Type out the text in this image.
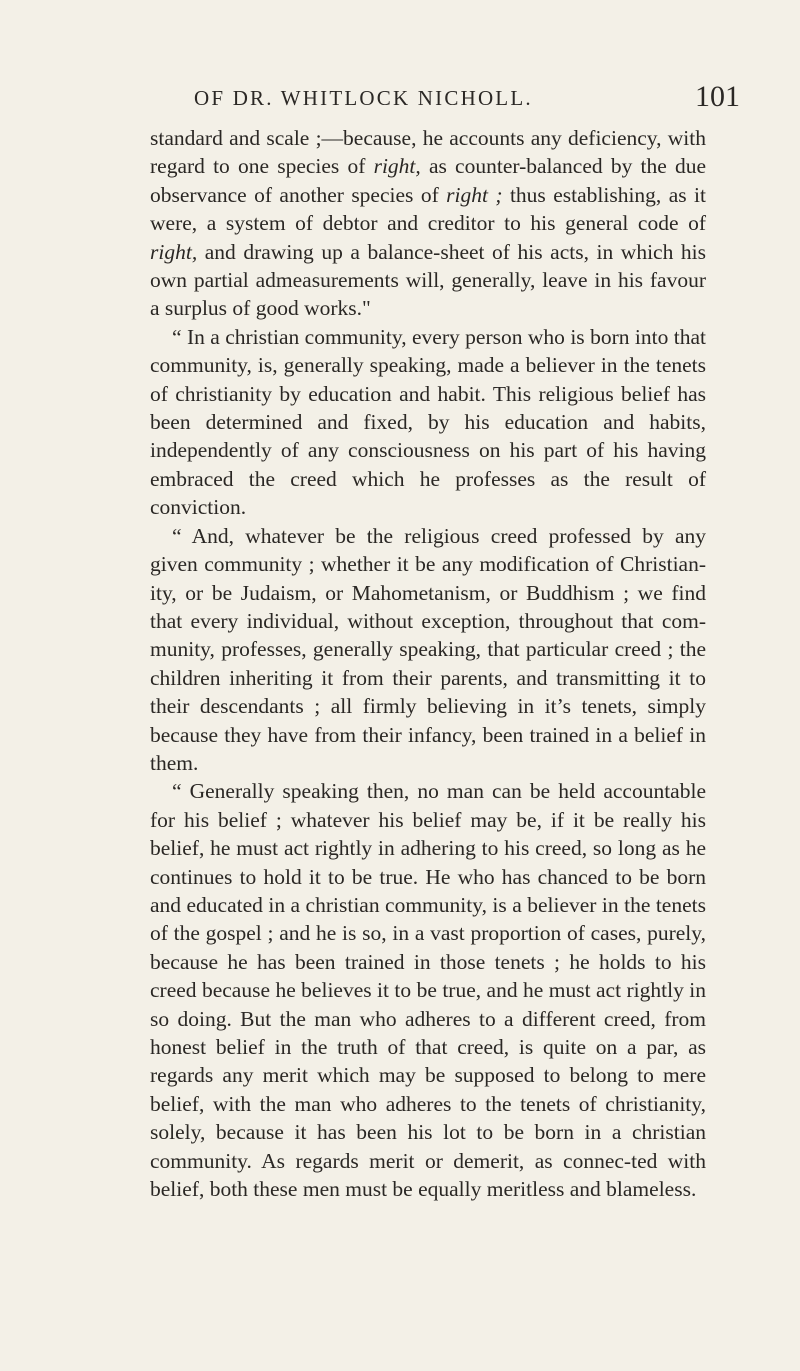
OF DR. WHITLOCK NICHOLL.	101

standard and scale ;—because, he accounts any deficiency, with regard to one species of right, as counter-balanced by the due observance of another species of right ; thus establishing, as it were, a system of debtor and creditor to his general code of right, and drawing up a balance-sheet of his acts, in which his own partial admeasurements will, generally, leave in his favour a surplus of good works."

“ In a christian community, every person who is born into that community, is, generally speaking, made a believer in the tenets of christianity by education and habit. This religious belief has been determined and fixed, by his education and habits, independently of any consciousness on his part of his having embraced the creed which he professes as the result of conviction.

“ And, whatever be the religious creed professed by any given community ; whether it be any modification of Christian-ity, or be Judaism, or Mahometanism, or Buddhism ; we find that every individual, without exception, throughout that com-munity, professes, generally speaking, that particular creed ; the children inheriting it from their parents, and transmitting it to their descendants ; all firmly believing in it’s tenets, simply because they have from their infancy, been trained in a belief in them.

“ Generally speaking then, no man can be held accountable for his belief ; whatever his belief may be, if it be really his belief, he must act rightly in adhering to his creed, so long as he continues to hold it to be true. He who has chanced to be born and educated in a christian community, is a believer in the tenets of the gospel ; and he is so, in a vast proportion of cases, purely, because he has been trained in those tenets ; he holds to his creed because he believes it to be true, and he must act rightly in so doing. But the man who adheres to a different creed, from honest belief in the truth of that creed, is quite on a par, as regards any merit which may be supposed to belong to mere belief, with the man who adheres to the tenets of christianity, solely, because it has been his lot to be born in a christian community. As regards merit or demerit, as connec-ted with belief, both these men must be equally meritless and blameless.
